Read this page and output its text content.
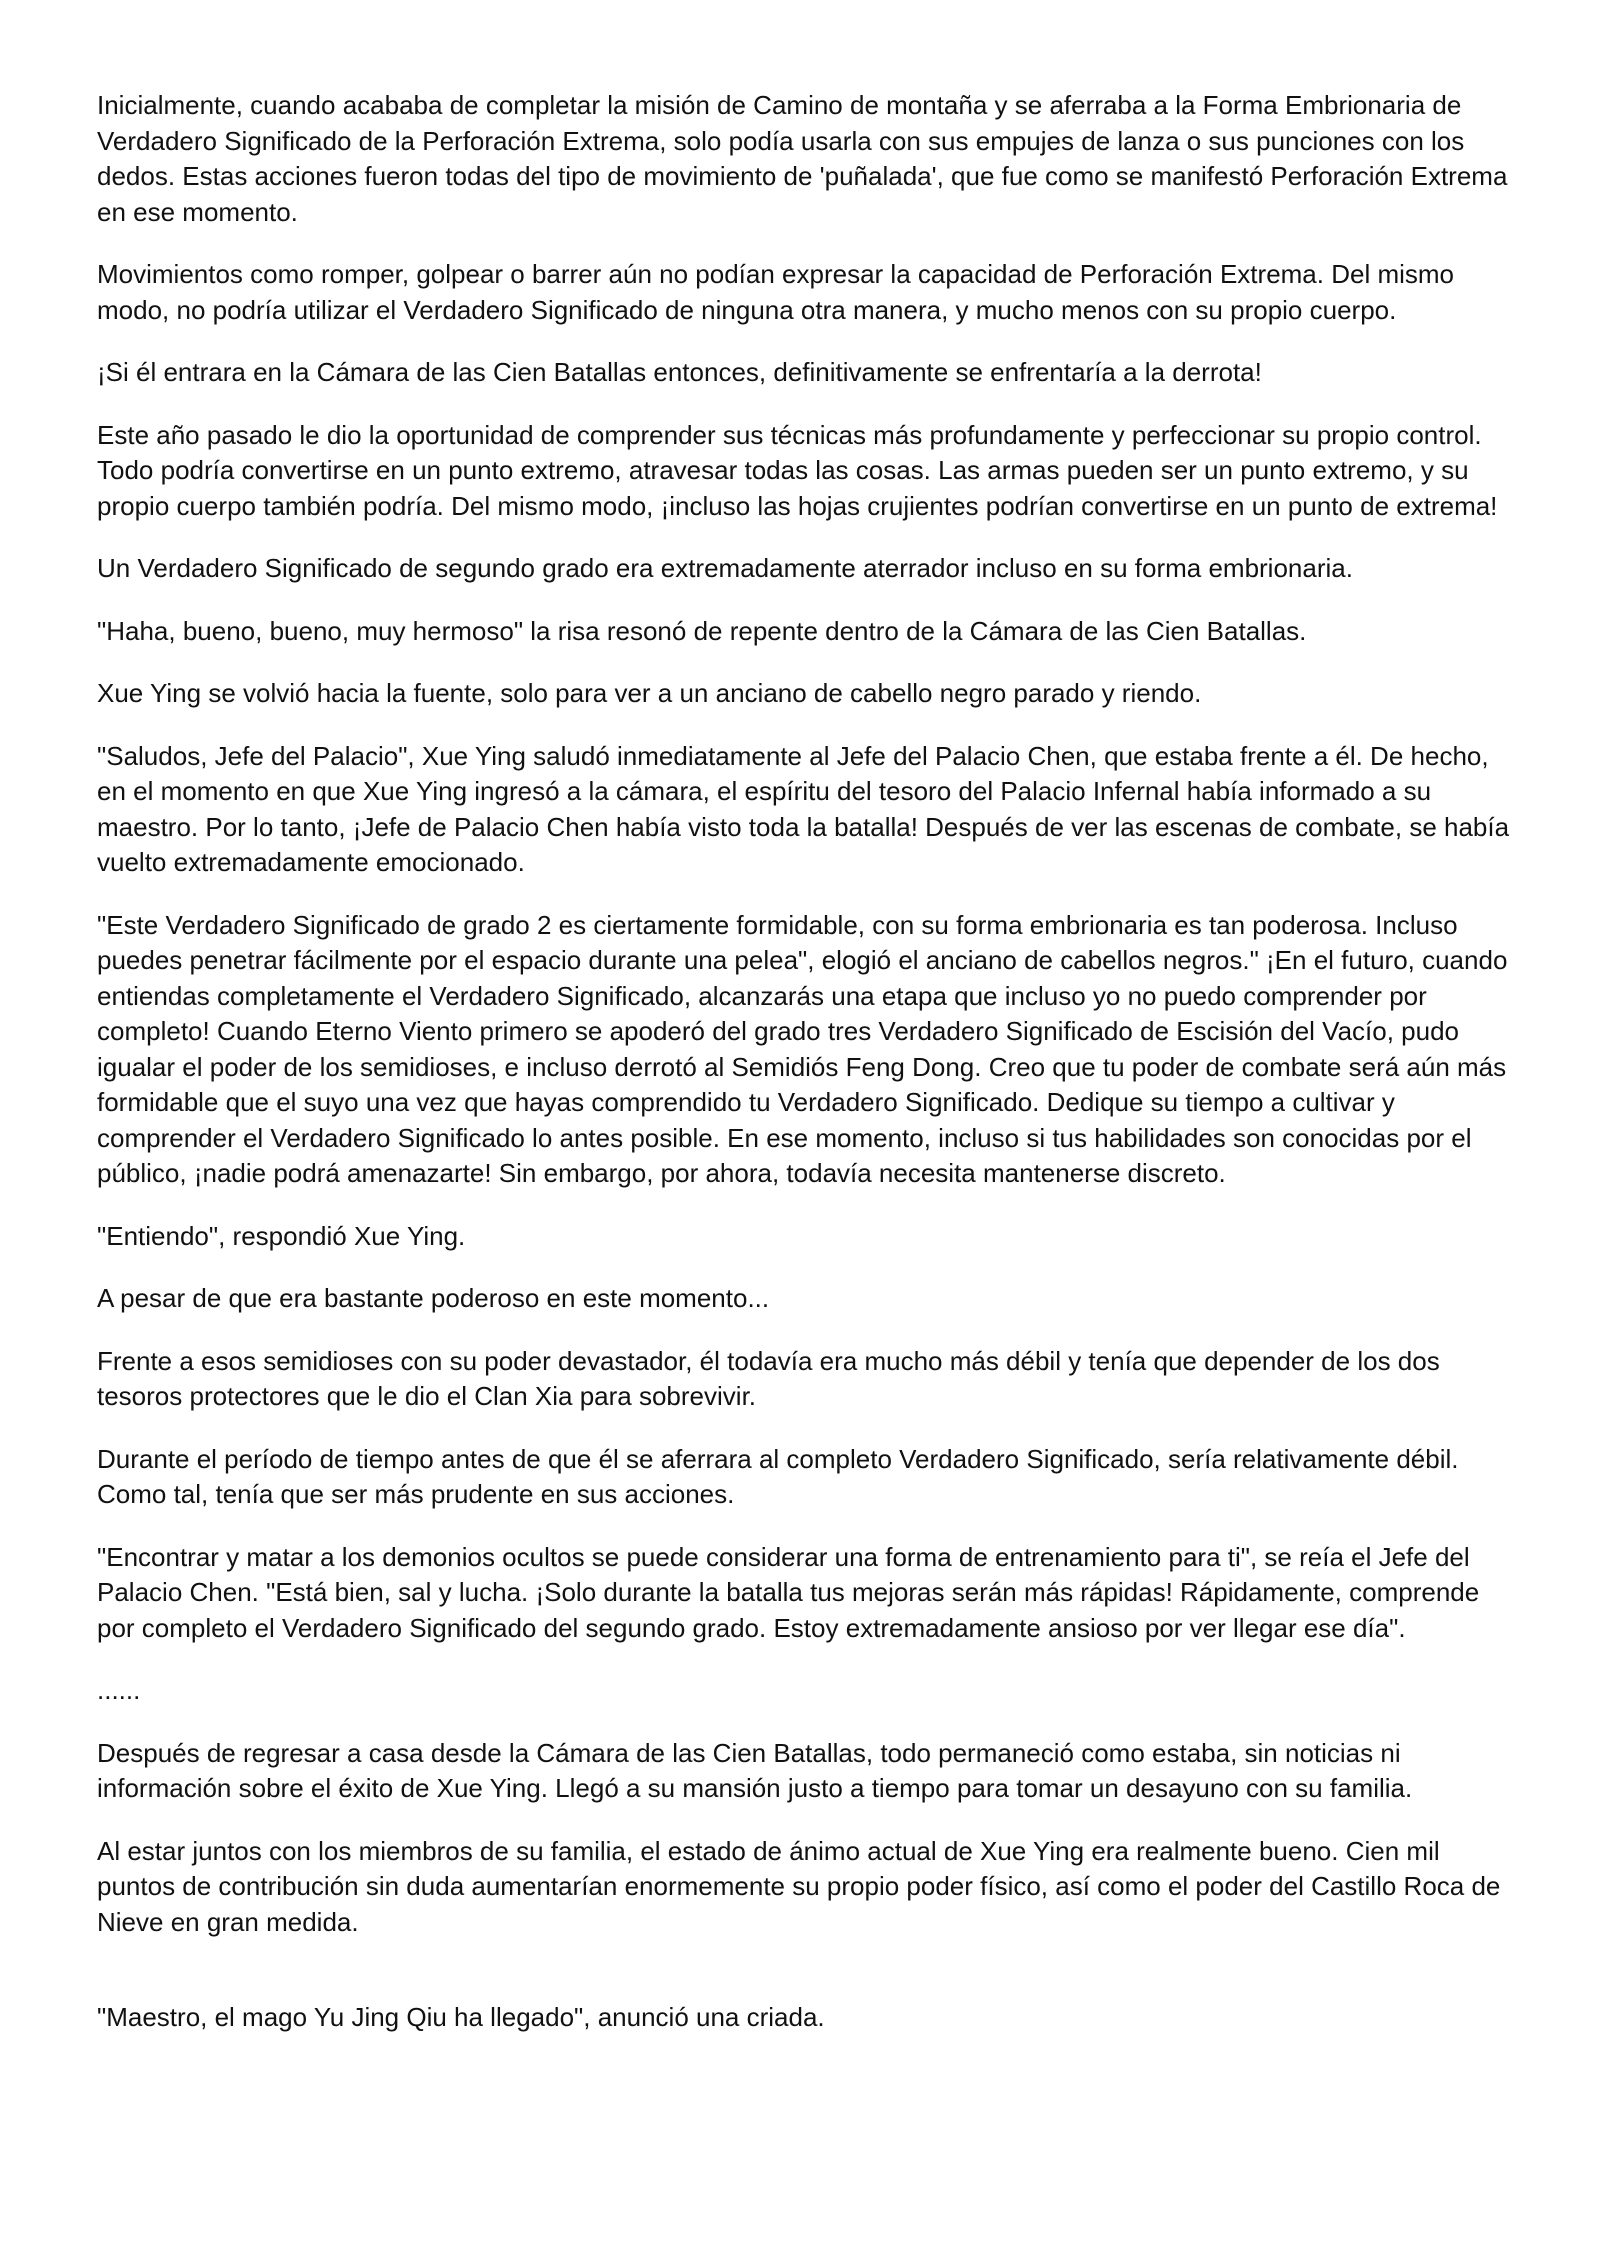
Inicialmente, cuando acababa de completar la misión de Camino de montaña y se aferraba a la Forma Embrionaria de Verdadero Significado de la Perforación Extrema, solo podía usarla con sus empujes de lanza o sus punciones con los dedos. Estas acciones fueron todas del tipo de movimiento de 'puñalada', que fue como se manifestó Perforación Extrema en ese momento.

Movimientos como romper, golpear o barrer aún no podían expresar la capacidad de Perforación Extrema. Del mismo modo, no podría utilizar el Verdadero Significado de ninguna otra manera, y mucho menos con su propio cuerpo.

¡Si él entrara en la Cámara de las Cien Batallas entonces, definitivamente se enfrentaría a la derrota!

Este año pasado le dio la oportunidad de comprender sus técnicas más profundamente y perfeccionar su propio control. Todo podría convertirse en un punto extremo, atravesar todas las cosas. Las armas pueden ser un punto extremo, y su propio cuerpo también podría. Del mismo modo, ¡incluso las hojas crujientes podrían convertirse en un punto de extrema!

Un Verdadero Significado de segundo grado era extremadamente aterrador incluso en su forma embrionaria.

"Haha, bueno, bueno, muy hermoso" la risa resonó de repente dentro de la Cámara de las Cien Batallas.

Xue Ying se volvió hacia la fuente, solo para ver a un anciano de cabello negro parado y riendo.

"Saludos, Jefe del Palacio", Xue Ying saludó inmediatamente al Jefe del Palacio Chen, que estaba frente a él. De hecho, en el momento en que Xue Ying ingresó a la cámara, el espíritu del tesoro del Palacio Infernal había informado a su maestro. Por lo tanto, ¡Jefe de Palacio Chen había visto toda la batalla! Después de ver las escenas de combate, se había vuelto extremadamente emocionado.

"Este Verdadero Significado de grado 2 es ciertamente formidable, con su forma embrionaria es tan poderosa. Incluso puedes penetrar fácilmente por el espacio durante una pelea", elogió el anciano de cabellos negros." ¡En el futuro, cuando entiendas completamente el Verdadero Significado, alcanzarás una etapa que incluso yo no puedo comprender por completo! Cuando Eterno Viento primero se apoderó del grado tres Verdadero Significado de Escisión del Vacío, pudo igualar el poder de los semidioses, e incluso derrotó al Semidiós Feng Dong. Creo que tu poder de combate será aún más formidable que el suyo una vez que hayas comprendido tu Verdadero Significado. Dedique su tiempo a cultivar y comprender el Verdadero Significado lo antes posible. En ese momento, incluso si tus habilidades son conocidas por el público, ¡nadie podrá amenazarte! Sin embargo, por ahora, todavía necesita mantenerse discreto.

"Entiendo", respondió Xue Ying.

A pesar de que era bastante poderoso en este momento...

Frente a esos semidioses con su poder devastador, él todavía era mucho más débil y tenía que depender de los dos tesoros protectores que le dio el Clan Xia para sobrevivir.

Durante el período de tiempo antes de que él se aferrara al completo Verdadero Significado, sería relativamente débil. Como tal, tenía que ser más prudente en sus acciones.

"Encontrar y matar a los demonios ocultos se puede considerar una forma de entrenamiento para ti", se reía el Jefe del Palacio Chen. "Está bien, sal y lucha. ¡Solo durante la batalla tus mejoras serán más rápidas! Rápidamente, comprende por completo el Verdadero Significado del segundo grado. Estoy extremadamente ansioso por ver llegar ese día".

......

Después de regresar a casa desde la Cámara de las Cien Batallas, todo permaneció como estaba, sin noticias ni información sobre el éxito de Xue Ying. Llegó a su mansión justo a tiempo para tomar un desayuno con su familia.

Al estar juntos con los miembros de su familia, el estado de ánimo actual de Xue Ying era realmente bueno. Cien mil puntos de contribución sin duda aumentarían enormemente su propio poder físico, así como el poder del Castillo Roca de Nieve en gran medida.

"Maestro, el mago Yu Jing Qiu ha llegado", anunció una criada.
